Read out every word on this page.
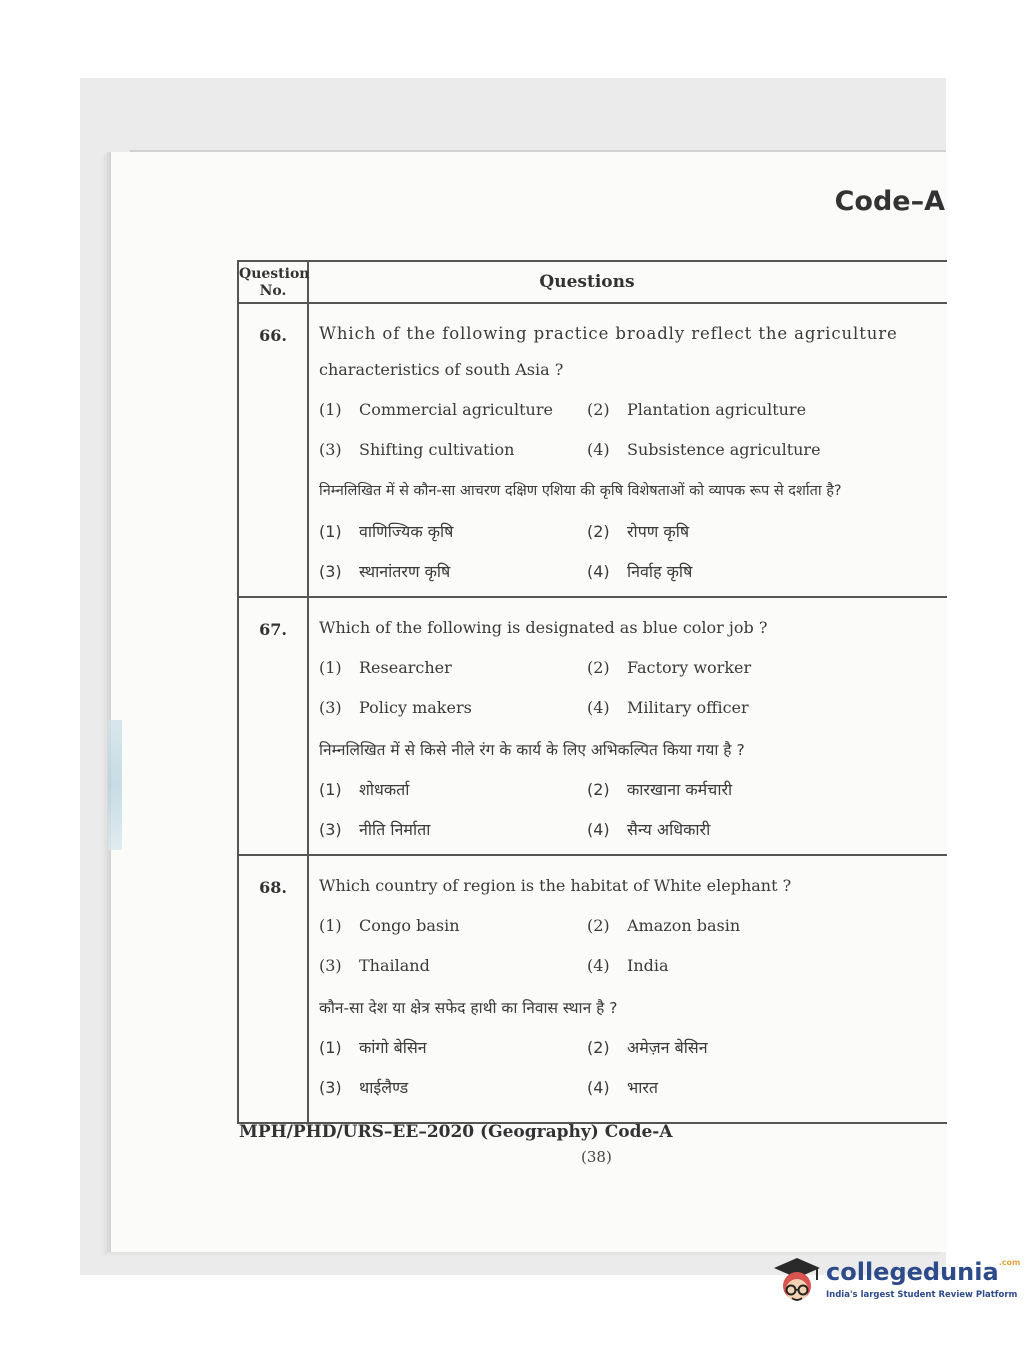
Code–A
Question No.	Questions
66.	Which of the following practice broadly reflect the agriculture
characteristics of south Asia ?
(1) Commercial agriculture (2) Plantation agriculture
(3) Shifting cultivation	(4) Subsistence agriculture
निम्नलिखित में से कौन-सा आचरण दक्षिण एशिया की कृषि विशेषताओं को व्यापक रूप से दर्शाता है?
(1) वाणिज्यिक कृषि	(2) रोपण कृषि
(3) स्थानांतरण कृषि	(4) निर्वाह कृषि
67.	Which of the following is designated as blue color job ?
(1) Researcher	(2) Factory worker
(3) Policy makers	(4) Military officer
निम्नलिखित में से किसे नीले रंग के कार्य के लिए अभिकल्पित किया गया है ?
(1) शोधकर्ता	(2) कारखाना कर्मचारी
(3) नीति निर्माता	(4) सैन्य अधिकारी
68.	Which country of region is the habitat of White elephant ?
(1) Congo basin	(2) Amazon basin
(3) Thailand	(4) India
कौन-सा देश या क्षेत्र सफेद हाथी का निवास स्थान है ?
(1) कांगो बेसिन	(2) अमेज़न बेसिन
(3) थाईलैण्ड	(4) भारत
MPH/PHD/URS–EE–2020 (Geography) Code-A
(38)
collegedunia$^{.com}$
India's largest Student Review Platform
